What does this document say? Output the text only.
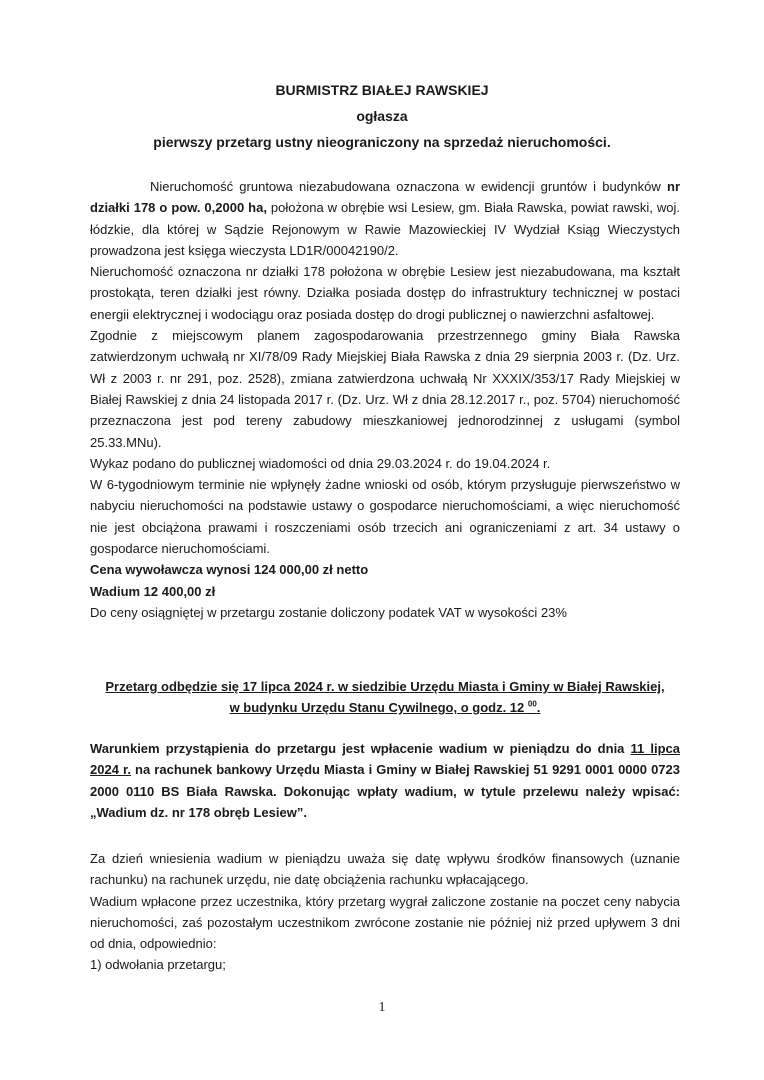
BURMISTRZ BIAŁEJ RAWSKIEJ
ogłasza
pierwszy przetarg ustny nieograniczony na sprzedaż nieruchomości.

Nieruchomość gruntowa niezabudowana oznaczona w ewidencji gruntów i budynków nr działki 178 o pow. 0,2000 ha, położona w obrębie wsi Lesiew, gm. Biała Rawska, powiat rawski, woj. łódzkie, dla której w Sądzie Rejonowym w Rawie Mazowieckiej IV Wydział Ksiąg Wieczystych prowadzona jest księga wieczysta LD1R/00042190/2.

Nieruchomość oznaczona nr działki 178 położona w obrębie Lesiew jest niezabudowana, ma kształt prostokąta, teren działki jest równy. Działka posiada dostęp do infrastruktury technicznej w postaci energii elektrycznej i wodociągu oraz posiada dostęp do drogi publicznej o nawierzchni asfaltowej.

Zgodnie z miejscowym planem zagospodarowania przestrzennego gminy Biała Rawska zatwierdzonym uchwałą nr XI/78/09 Rady Miejskiej Biała Rawska z dnia 29 sierpnia 2003 r. (Dz. Urz. Wł z 2003 r. nr 291, poz. 2528), zmiana zatwierdzona uchwałą Nr XXXIX/353/17 Rady Miejskiej w Białej Rawskiej z dnia 24 listopada 2017 r. (Dz. Urz. Wł z dnia 28.12.2017 r., poz. 5704) nieruchomość przeznaczona jest pod tereny zabudowy mieszkaniowej jednorodzinnej z usługami (symbol 25.33.MNu).

Wykaz podano do publicznej wiadomości od dnia 29.03.2024 r. do 19.04.2024 r.

W 6-tygodniowym terminie nie wpłynęły żadne wnioski od osób, którym przysługuje pierwszeństwo w nabyciu nieruchomości na podstawie ustawy o gospodarce nieruchomościami, a więc nieruchomość nie jest obciążona prawami i roszczeniami osób trzecich ani ograniczeniami z art. 34 ustawy o gospodarce nieruchomościami.

Cena wywoławcza wynosi 124 000,00 zł netto

Wadium 12 400,00 zł

Do ceny osiągniętej w przetargu zostanie doliczony podatek VAT w wysokości 23%

Przetarg odbędzie się 17 lipca 2024 r. w siedzibie Urzędu Miasta i Gminy w Białej Rawskiej,

w budynku Urzędu Stanu Cywilnego, o godz. 12 $^{00}$.

Warunkiem przystąpienia do przetargu jest wpłacenie wadium w pieniądzu do dnia 11 lipca 2024 r. na rachunek bankowy Urzędu Miasta i Gminy w Białej Rawskiej 51 9291 0001 0000 0723 2000 0110 BS Biała Rawska. Dokonując wpłaty wadium, w tytule przelewu należy wpisać: „Wadium dz. nr 178 obręb Lesiew”.

Za dzień wniesienia wadium w pieniądzu uważa się datę wpływu środków finansowych (uznanie rachunku) na rachunek urzędu, nie datę obciążenia rachunku wpłacającego.

Wadium wpłacone przez uczestnika, który przetarg wygrał zaliczone zostanie na poczet ceny nabycia nieruchomości, zaś pozostałym uczestnikom zwrócone zostanie nie później niż przed upływem 3 dni od dnia, odpowiednio:

1) odwołania przetargu;

1
